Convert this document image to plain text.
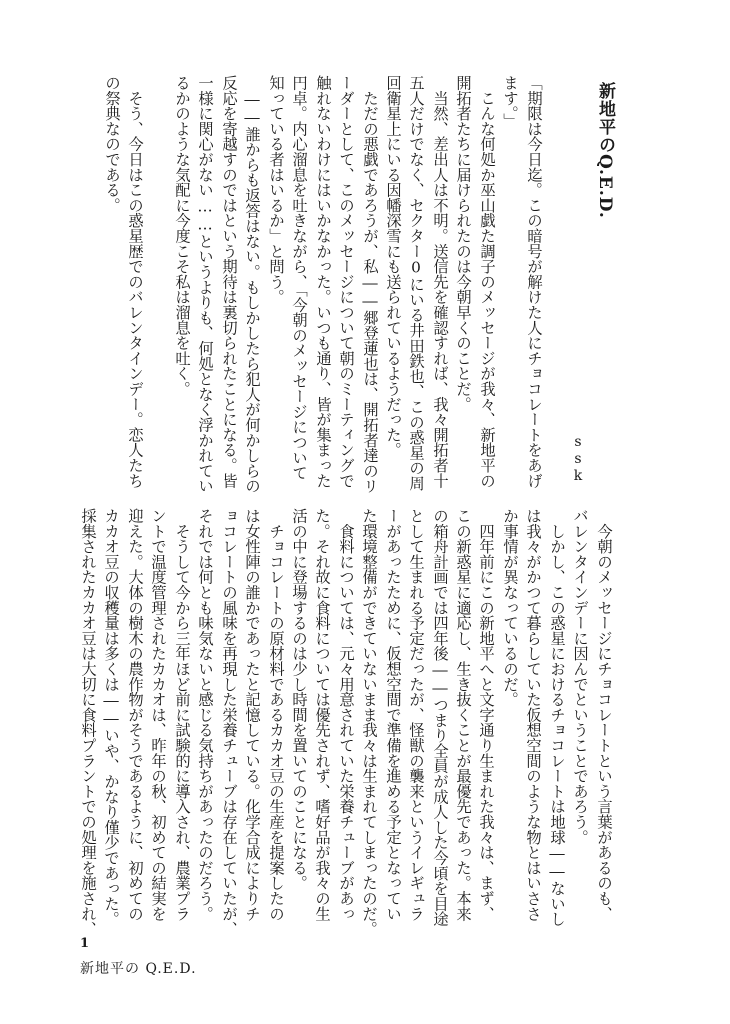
新地平のQ.E.D.
ssk
「期限は今日迄。この暗号が解けた人にチョコレートをあげ
ます。」
　こんな何処か巫山戯た調子のメッセージが我々、新地平の
開拓者たちに届けられたのは今朝早くのことだ。
　当然、差出人は不明。送信先を確認すれば、我々開拓者十
五人だけでなく、セクター0にいる井田鉄也、この惑星の周
回衛星上にいる因幡深雪にも送られているようだった。
　ただの悪戯であろうが、私――郷登蓮也は、開拓者達のリ
ーダーとして、このメッセージについて朝のミーティングで
触れないわけにはいかなかった。いつも通り、皆が集まった
円卓。内心溜息を吐きながら、「今朝のメッセージについて
知っている者はいるか」と問う。
　――誰からも返答はない。もしかしたら犯人が何かしらの
反応を寄越すのではという期待は裏切られたことになる。皆
一様に関心がない……というよりも、何処となく浮かれてい
るかのような気配に今度こそ私は溜息を吐く。
　そう、今日はこの惑星歴でのバレンタインデー。恋人たち
の祭典なのである。
　今朝のメッセージにチョコレートという言葉があるのも、
バレンタインデーに因んでということであろう。
　しかし、この惑星におけるチョコレートは地球――ないし
は我々がかつて暮らしていた仮想空間のような物とはいささ
か事情が異なっているのだ。
　四年前にこの新地平へと文字通り生まれた我々は、まず、
この新惑星に適応し、生き抜くことが最優先であった。本来
の箱舟計画では四年後――つまり全員が成人した今頃を目途
として生まれる予定だったが、怪獣の襲来というイレギュラ
ーがあったために、仮想空間で準備を進める予定となってい
た環境整備ができていないまま我々は生まれてしまったのだ。
　食料については、元々用意されていた栄養チューブがあっ
た。それ故に食料については優先されず、嗜好品が我々の生
活の中に登場するのは少し時間を置いてのことになる。
　チョコレートの原材料であるカカオ豆の生産を提案したの
は女性陣の誰かであったと記憶している。化学合成によりチ
ョコレートの風味を再現した栄養チューブは存在していたが、
それでは何とも味気ないと感じる気持ちがあったのだろう。
　そうして今から三年ほど前に試験的に導入され、農業プラ
ントで温度管理されたカカオは、昨年の秋、初めての結実を
迎えた。大体の樹木の農作物がそうであるように、初めての
カカオ豆の収穫量は多くは――いや、かなり僅少であった。
採集されたカカオ豆は大切に食料プラントでの処理を施され、
1
新地平の Q.E.D.
